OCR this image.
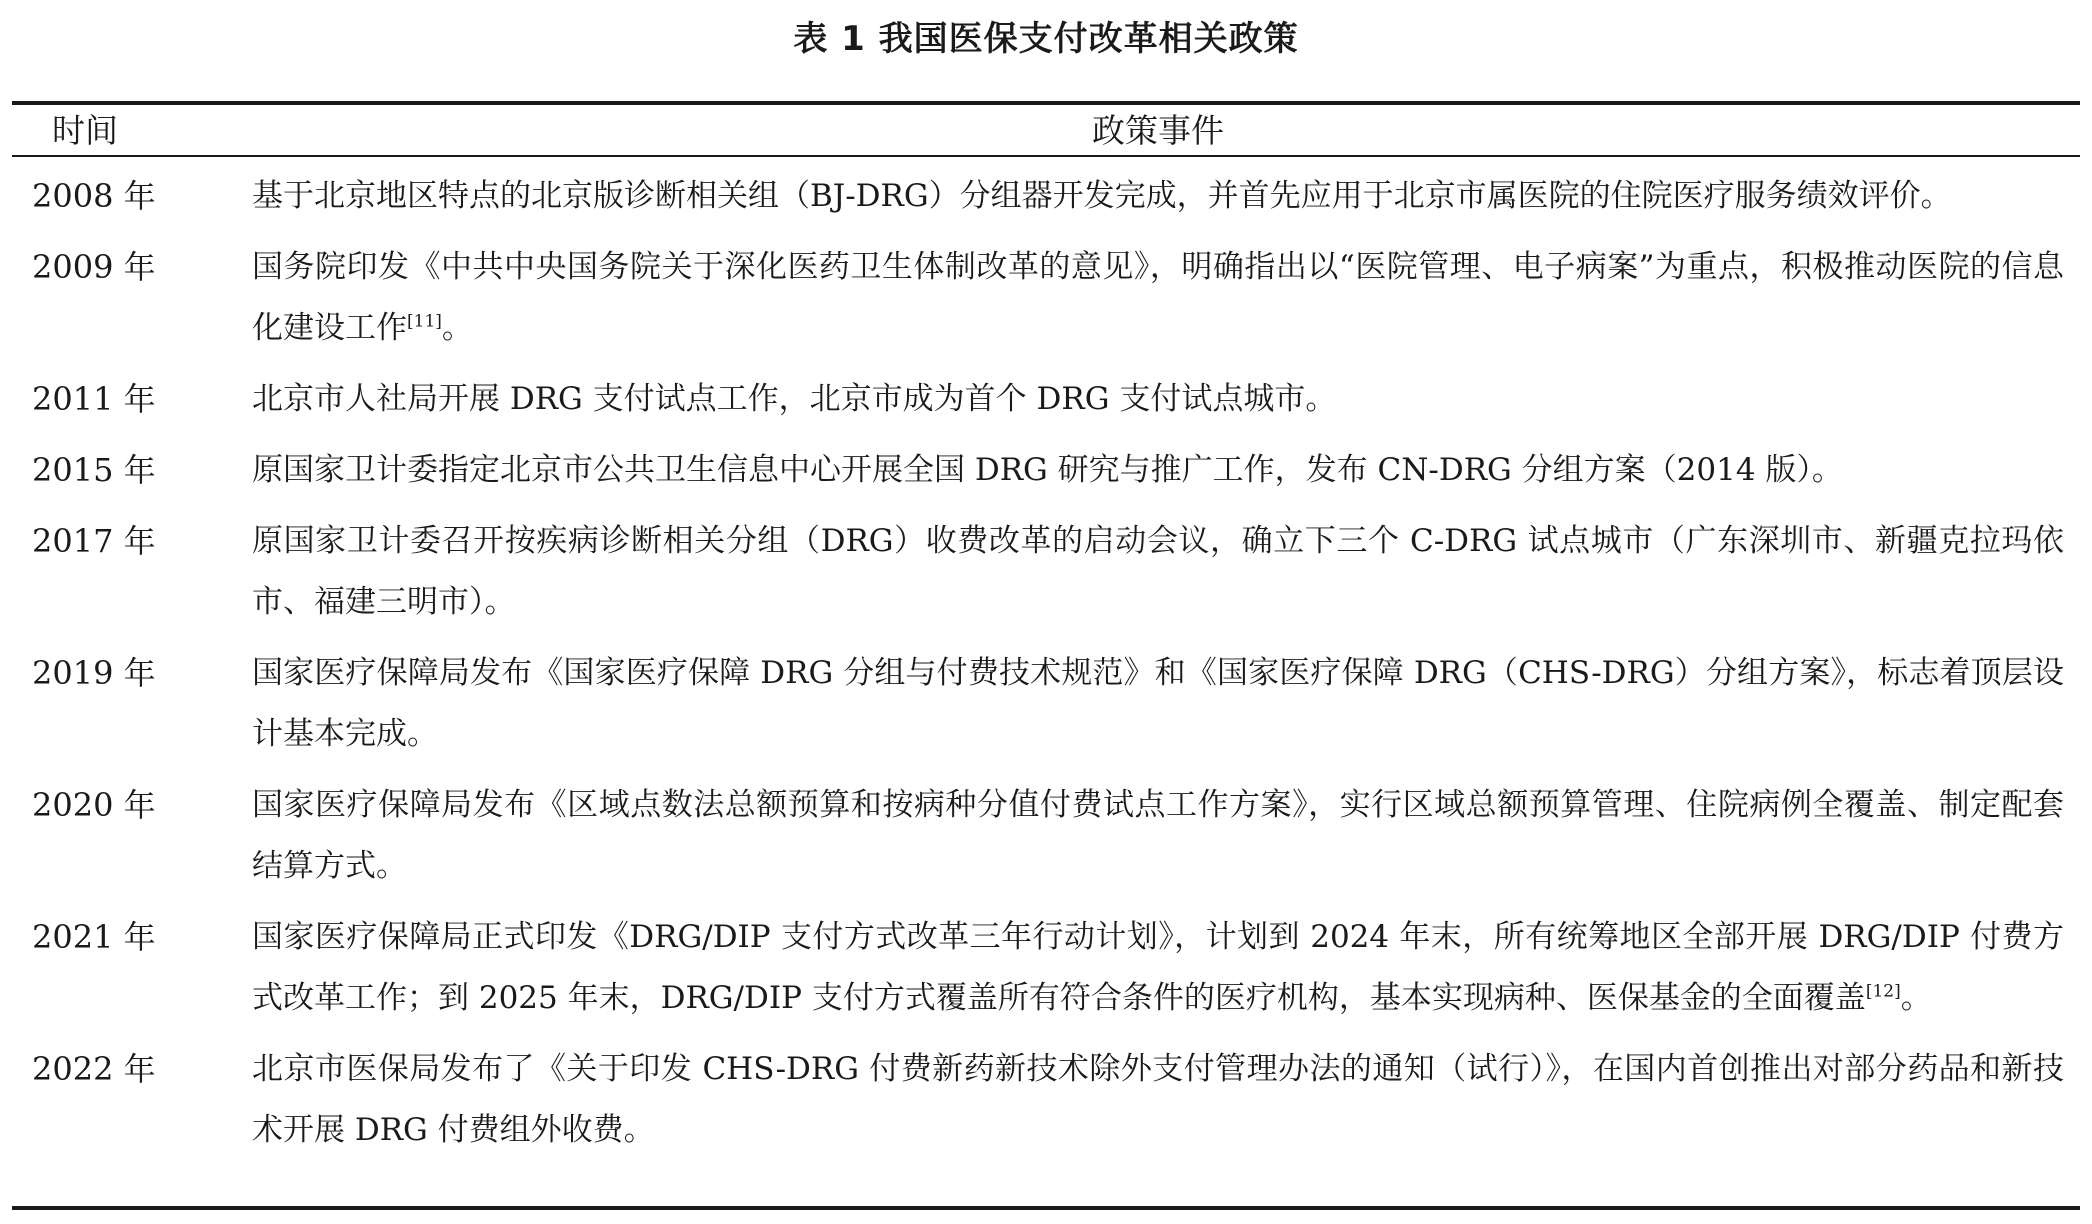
表 1 我国医保支付改革相关政策
时间	政策事件
2008 年	基于北京地区特点的北京版诊断相关组（BJ-DRG）分组器开发完成，并首先应用于北京市属医院的住院医疗服务绩效评价。
2009 年	国务院印发《中共中央国务院关于深化医药卫生体制改革的意见》，明确指出以“医院管理、电子病案”为重点，积极推动医院的信息化建设工作[11]。
2011 年	北京市人社局开展 DRG 支付试点工作，北京市成为首个 DRG 支付试点城市。
2015 年	原国家卫计委指定北京市公共卫生信息中心开展全国 DRG 研究与推广工作，发布 CN-DRG 分组方案（2014 版）。
2017 年	原国家卫计委召开按疾病诊断相关分组（DRG）收费改革的启动会议，确立下三个 C-DRG 试点城市（广东深圳市、新疆克拉玛依市、福建三明市）。
2019 年	国家医疗保障局发布《国家医疗保障 DRG 分组与付费技术规范》和《国家医疗保障 DRG（CHS-DRG）分组方案》，标志着顶层设计基本完成。
2020 年	国家医疗保障局发布《区域点数法总额预算和按病种分值付费试点工作方案》，实行区域总额预算管理、住院病例全覆盖、制定配套结算方式。
2021 年	国家医疗保障局正式印发《DRG/DIP 支付方式改革三年行动计划》，计划到 2024 年末，所有统筹地区全部开展 DRG/DIP 付费方式改革工作；到 2025 年末，DRG/DIP 支付方式覆盖所有符合条件的医疗机构，基本实现病种、医保基金的全面覆盖[12]。
2022 年	北京市医保局发布了《关于印发 CHS-DRG 付费新药新技术除外支付管理办法的通知（试行）》，在国内首创推出对部分药品和新技术开展 DRG 付费组外收费。
